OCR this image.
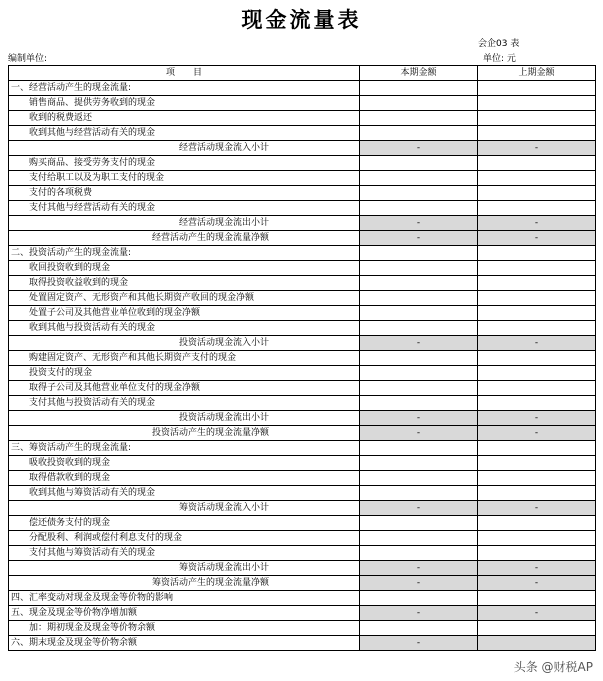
现金流量表
会企03 表
编制单位:	单位: 元
项　　目	本期金额	上期金额
一、经营活动产生的现金流量:		
销售商品、提供劳务收到的现金		
收到的税费返还		
收到其他与经营活动有关的现金		
经营活动现金流入小计	-	-
购买商品、接受劳务支付的现金		
支付给职工以及为职工支付的现金		
支付的各项税费		
支付其他与经营活动有关的现金		
经营活动现金流出小计	-	-
经营活动产生的现金流量净额	-	-
二、投资活动产生的现金流量:		
收回投资收到的现金		
取得投资收益收到的现金		
处置固定资产、无形资产和其他长期资产收回的现金净额		
处置子公司及其他营业单位收到的现金净额		
收到其他与投资活动有关的现金		
投资活动现金流入小计	-	-
购建固定资产、无形资产和其他长期资产支付的现金		
投资支付的现金		
取得子公司及其他营业单位支付的现金净额		
支付其他与投资活动有关的现金		
投资活动现金流出小计	-	-
投资活动产生的现金流量净额	-	-
三、筹资活动产生的现金流量:		
吸收投资收到的现金		
取得借款收到的现金		
收到其他与筹资活动有关的现金		
筹资活动现金流入小计	-	-
偿还债务支付的现金		
分配股利、利润或偿付利息支付的现金		
支付其他与筹资活动有关的现金		
筹资活动现金流出小计	-	-
筹资活动产生的现金流量净额	-	-
四、汇率变动对现金及现金等价物的影响		
五、现金及现金等价物净增加额	-	-
加：期初现金及现金等价物余额		
六、期末现金及现金等价物余额	-	
头条 @财税AP
